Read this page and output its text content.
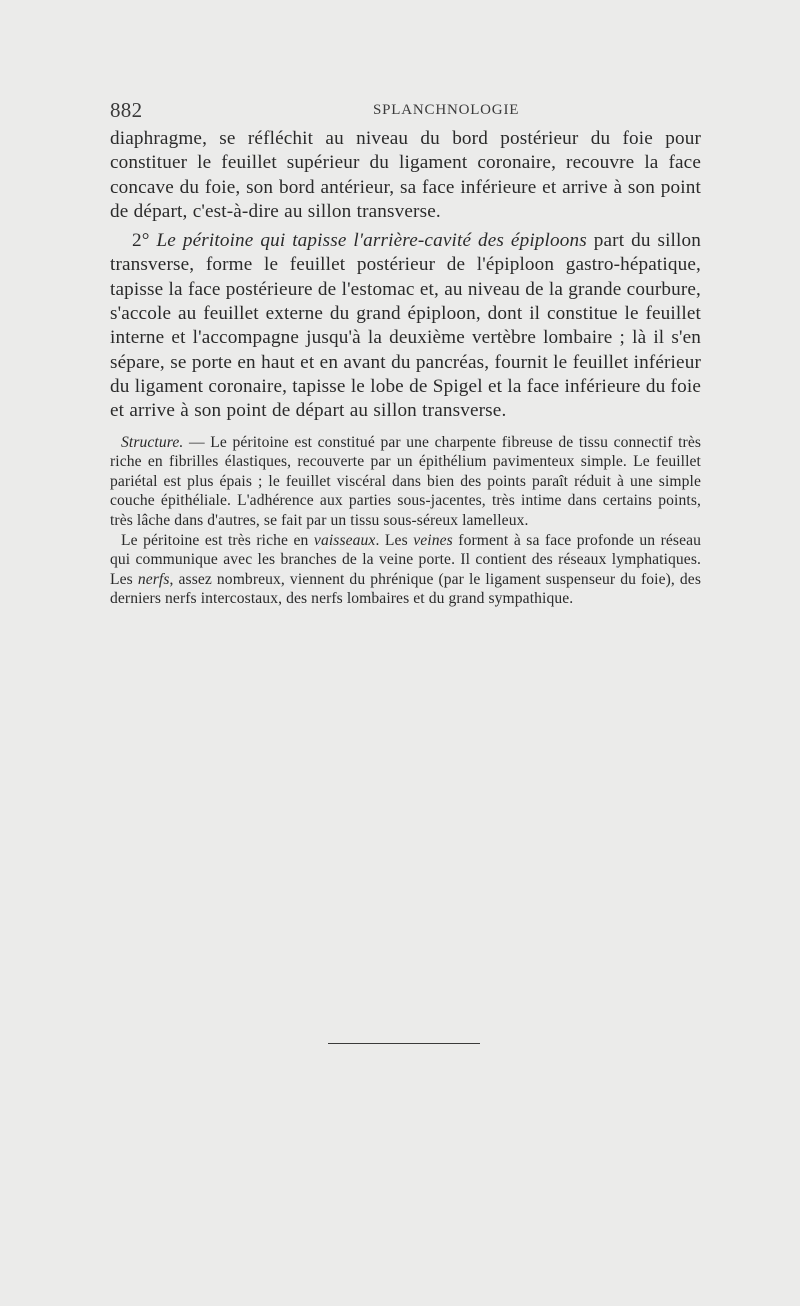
882	SPLANCHNOLOGIE

diaphragme, se réfléchit au niveau du bord postérieur du foie pour constituer le feuillet supérieur du ligament coronaire, recouvre la face concave du foie, son bord antérieur, sa face inférieure et arrive à son point de départ, c'est-à-dire au sillon transverse.

2° Le péritoine qui tapisse l'arrière-cavité des épiploons part du sillon transverse, forme le feuillet postérieur de l'épiploon gastro-hépatique, tapisse la face postérieure de l'estomac et, au niveau de la grande courbure, s'accole au feuillet externe du grand épiploon, dont il constitue le feuillet interne et l'accompagne jusqu'à la deuxième vertèbre lombaire ; là il s'en sépare, se porte en haut et en avant du pancréas, fournit le feuillet inférieur du ligament coronaire, tapisse le lobe de Spigel et la face inférieure du foie et arrive à son point de départ au sillon transverse.

Structure. — Le péritoine est constitué par une charpente fibreuse de tissu connectif très riche en fibrilles élastiques, recouverte par un épithélium pavimenteux simple. Le feuillet pariétal est plus épais ; le feuillet viscéral dans bien des points paraît réduit à une simple couche épithéliale. L'adhérence aux parties sous-jacentes, très intime dans certains points, très lâche dans d'autres, se fait par un tissu sous-séreux lamelleux.

Le péritoine est très riche en vaisseaux. Les veines forment à sa face profonde un réseau qui communique avec les branches de la veine porte. Il contient des réseaux lymphatiques. Les nerfs, assez nombreux, viennent du phrénique (par le ligament suspenseur du foie), des derniers nerfs intercostaux, des nerfs lombaires et du grand sympathique.
